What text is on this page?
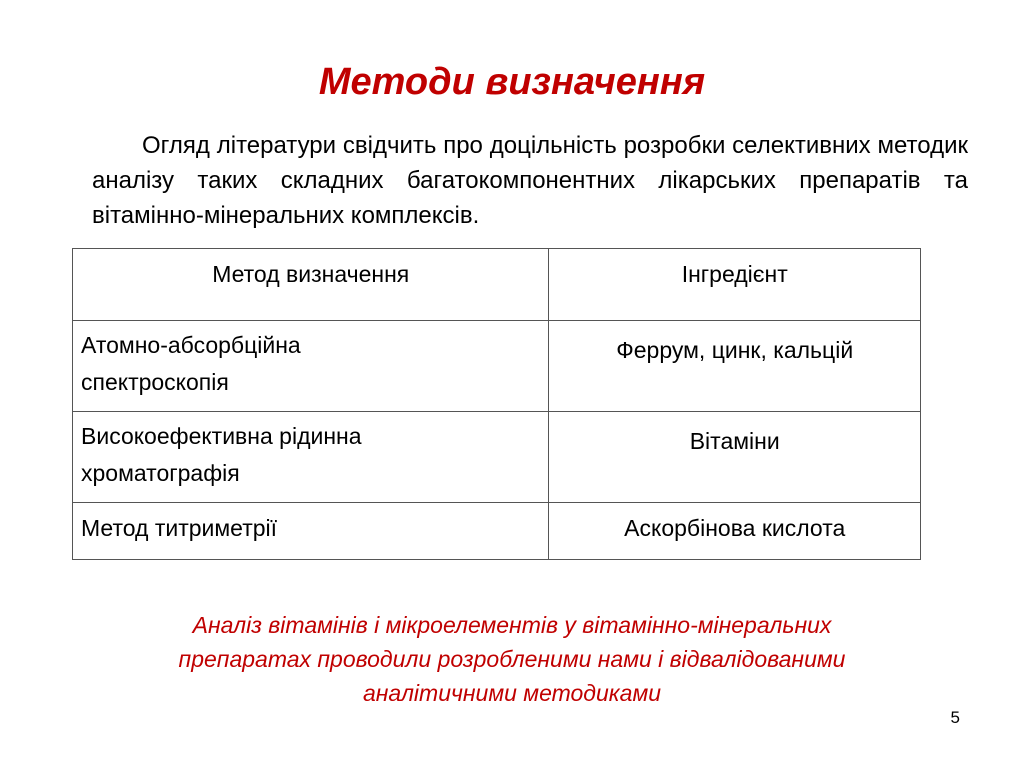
Методи визначення
Огляд літератури свідчить про доцільність розробки селективних методик аналізу таких складних багатокомпонентних лікарських препаратів та вітамінно-мінеральних комплексів.
Метод визначення	Інгредієнт

Атомно-абсорбційна
спектроскопія	Феррум, цинк, кальцій

Високоефективна рідинна
хроматографія	Вітаміни

Метод титриметрії	Аскорбінова кислота
Аналіз вітамінів і мікроелементів у вітамінно-мінеральних
препаратах проводили розробленими нами і відвалідованими
аналітичними методиками
5
